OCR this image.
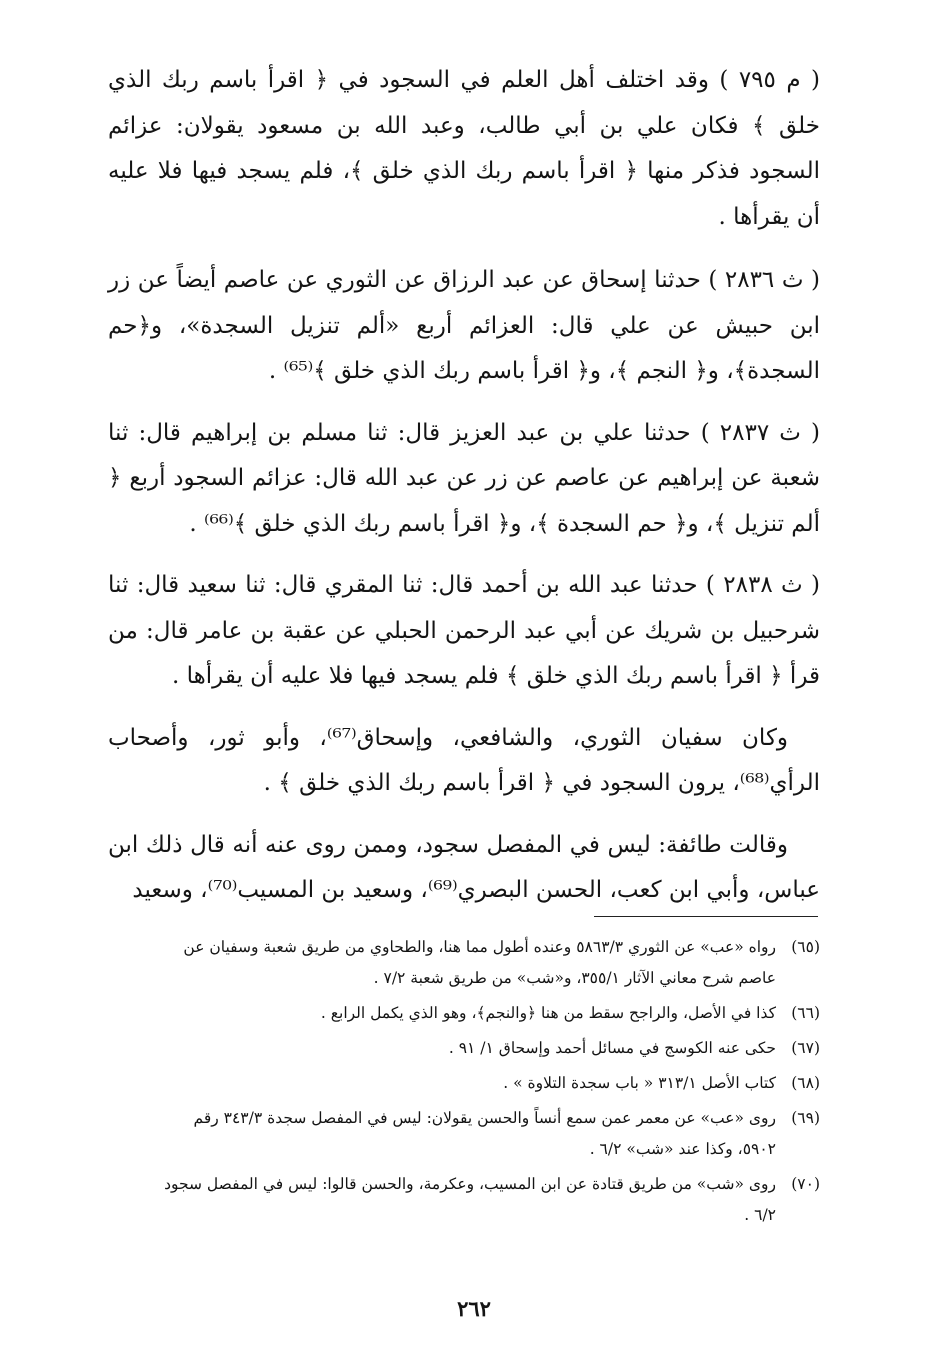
( م ٧٩٥ ) وقد اختلف أهل العلم في السجود في ﴿ اقرأ باسم ربك الذي خلق ﴾ فكان علي بن أبي طالب، وعبد الله بن مسعود يقولان: عزائم السجود فذكر منها ﴿ اقرأ باسم ربك الذي خلق ﴾، فلم يسجد فيها فلا عليه أن يقرأها .

( ث ٢٨٣٦ ) حدثنا إسحاق عن عبد الرزاق عن الثوري عن عاصم أيضاً عن زر ابن حبيش عن علي قال: العزائم أربع «ألم تنزيل السجدة»، و﴿حم السجدة﴾، و﴿ النجم ﴾، و﴿ اقرأ باسم ربك الذي خلق ﴾⁽⁶⁵⁾ .

( ث ٢٨٣٧ ) حدثنا علي بن عبد العزيز قال: ثنا مسلم بن إبراهيم قال: ثنا شعبة عن إبراهيم عن عاصم عن زر عن عبد الله قال: عزائم السجود أربع ﴿ ألم تنزيل ﴾، و﴿ حم السجدة ﴾، و﴿ اقرأ باسم ربك الذي خلق ﴾⁽⁶⁶⁾ .

( ث ٢٨٣٨ ) حدثنا عبد الله بن أحمد قال: ثنا المقري قال: ثنا سعيد قال: ثنا شرحبيل بن شريك عن أبي عبد الرحمن الحبلي عن عقبة بن عامر قال: من قرأ ﴿ اقرأ باسم ربك الذي خلق ﴾ فلم يسجد فيها فلا عليه أن يقرأها .

وكان سفيان الثوري، والشافعي، وإسحاق⁽⁶⁷⁾، وأبو ثور، وأصحاب الرأي⁽⁶⁸⁾، يرون السجود في ﴿ اقرأ باسم ربك الذي خلق ﴾ .

وقالت طائفة: ليس في المفصل سجود، وممن روى عنه أنه قال ذلك ابن عباس، وأبي ابن كعب، الحسن البصري⁽⁶⁹⁾، وسعيد بن المسيب⁽⁷⁰⁾، وسعيد

(٦٥)رواه «عب» عن الثوري ٥٨٦٣/٣ وعنده أطول مما هنا، والطحاوي من طريق شعبة وسفيان عن
عاصم شرح معاني الآثار ٣٥٥/١، و«شب» من طريق شعبة ٧/٢ .
(٦٦)كذا في الأصل، والراجح سقط من هنا ﴿والنجم﴾، وهو الذي يكمل الرابع .
(٦٧)حكى عنه الكوسج في مسائل أحمد وإسحاق ١/ ٩١ .
(٦٨)كتاب الأصل ٣١٣/١ « باب سجدة التلاوة » .
(٦٩)روى «عب» عن معمر عمن سمع أنساً والحسن يقولان: ليس في المفصل سجدة ٣٤٣/٣ رقم
٥٩٠٢، وكذا عند «شب» ٦/٢ .
(٧٠)روى «شب» من طريق قتادة عن ابن المسيب، وعكرمة، والحسن قالوا: ليس في المفصل سجود
٦/٢ .
٢٦٢
